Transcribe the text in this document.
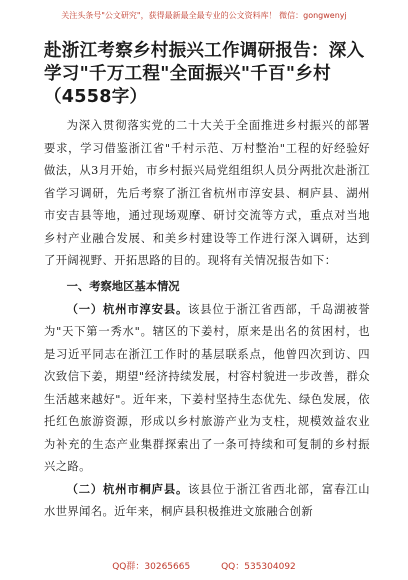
关注头条号"公文研究"，获得最新最全最专业的公文资料库！ 微信：gongwenyj
赴浙江考察乡村振兴工作调研报告：深入学习"千万工程"全面振兴"千百"乡村（4558字）

为深入贯彻落实党的二十大关于全面推进乡村振兴的部署要求，学习借鉴浙江省"千村示范、万村整治"工程的好经验好做法，从3月开始，市乡村振兴局党组组织人员分两批次赴浙江省学习调研，先后考察了浙江省杭州市淳安县、桐庐县、湖州市安吉县等地，通过现场观摩、研讨交流等方式，重点对当地乡村产业融合发展、和美乡村建设等工作进行深入调研，达到了开阔视野、开拓思路的目的。现将有关情况报告如下：

一、考察地区基本情况

（一）杭州市淳安县。该县位于浙江省西部，千岛湖被誉为"天下第一秀水"。辖区的下姜村，原来是出名的贫困村，也是习近平同志在浙江工作时的基层联系点，他曾四次到访、四次致信下姜，期望"经济持续发展，村容村貌进一步改善，群众生活越来越好"。近年来，下姜村坚持生态优先、绿色发展，依托红色旅游资源，形成以乡村旅游产业为支柱，规模效益农业为补充的生态产业集群探索出了一条可持续和可复制的乡村振兴之路。

（二）杭州市桐庐县。该县位于浙江省西北部，富春江山水世界闻名。近年来，桐庐县积极推进文旅融合创新

QQ群：30265665	QQ：535304092
